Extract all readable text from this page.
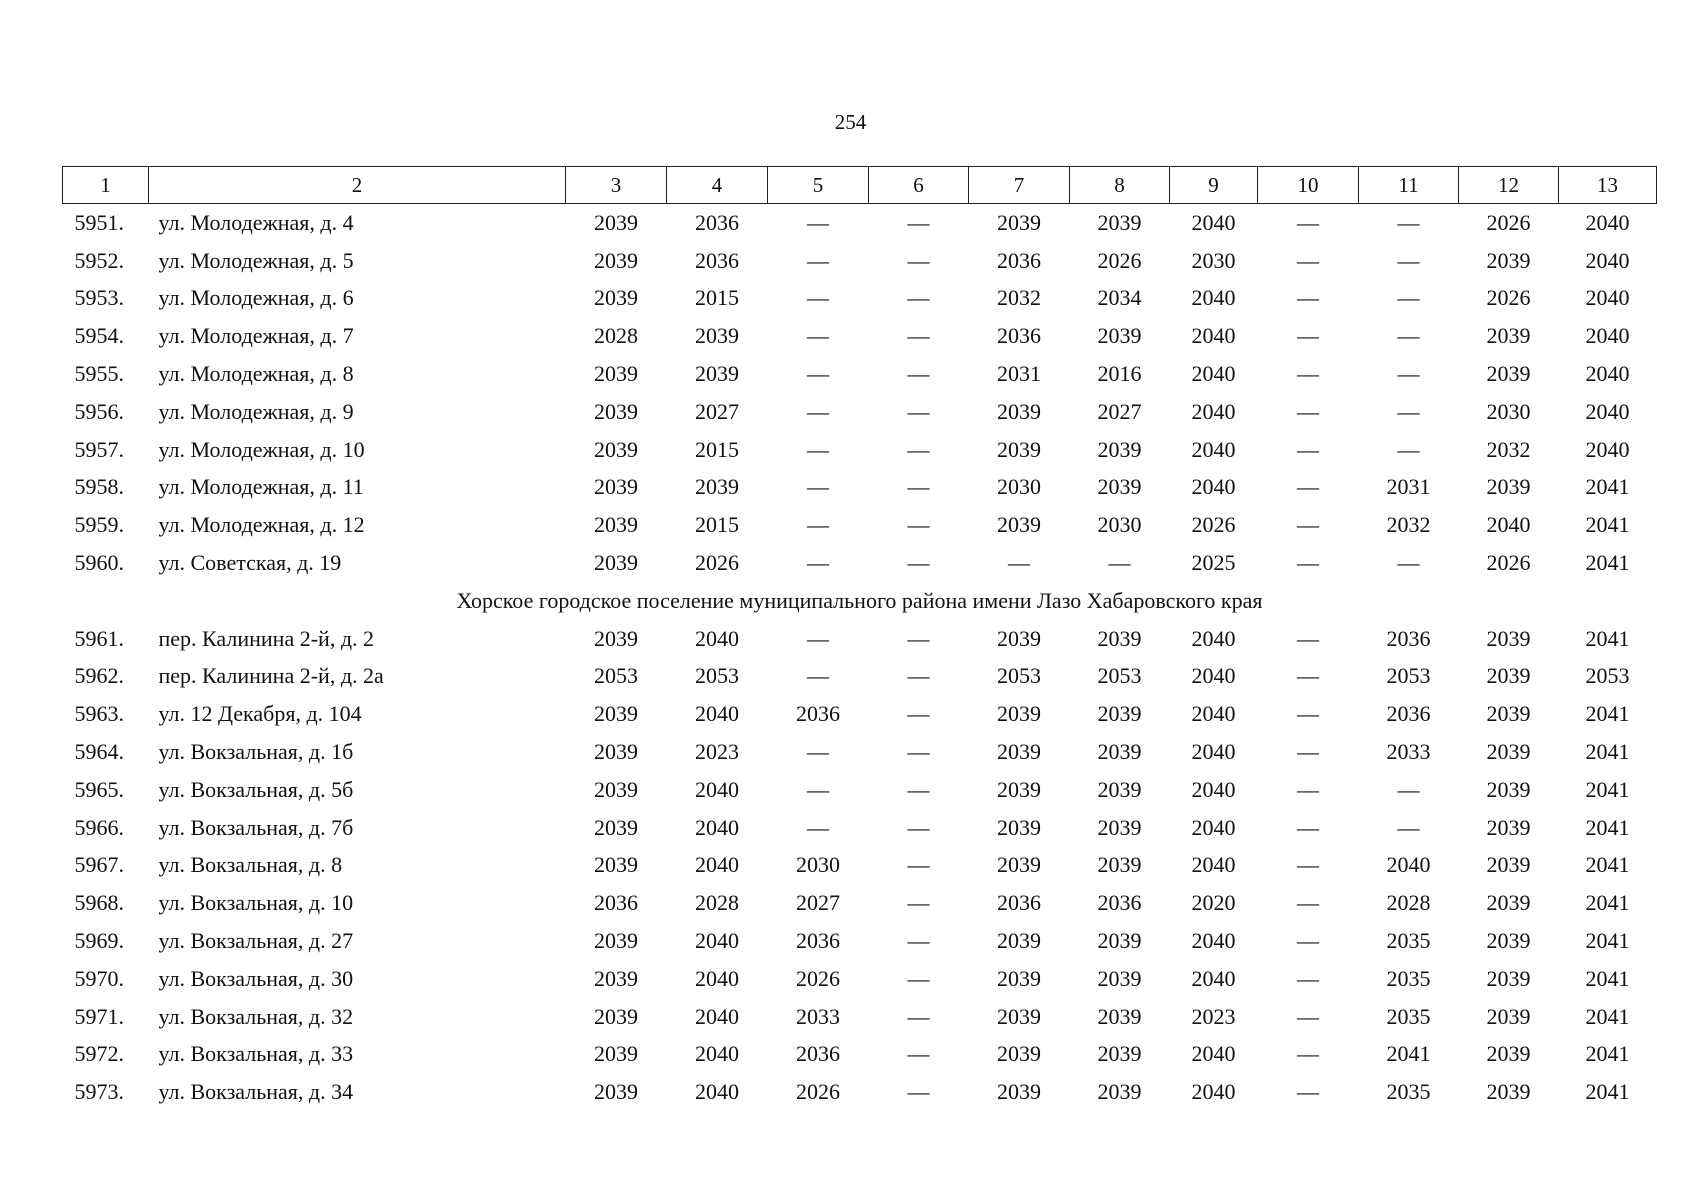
254
1	2	3	4	5	6	7	8	9	10	11	12	13
5951.	ул. Молодежная, д. 4	2039	2036	—	—	2039	2039	2040	—	—	2026	2040
5952.	ул. Молодежная, д. 5	2039	2036	—	—	2036	2026	2030	—	—	2039	2040
5953.	ул. Молодежная, д. 6	2039	2015	—	—	2032	2034	2040	—	—	2026	2040
5954.	ул. Молодежная, д. 7	2028	2039	—	—	2036	2039	2040	—	—	2039	2040
5955.	ул. Молодежная, д. 8	2039	2039	—	—	2031	2016	2040	—	—	2039	2040
5956.	ул. Молодежная, д. 9	2039	2027	—	—	2039	2027	2040	—	—	2030	2040
5957.	ул. Молодежная, д. 10	2039	2015	—	—	2039	2039	2040	—	—	2032	2040
5958.	ул. Молодежная, д. 11	2039	2039	—	—	2030	2039	2040	—	2031	2039	2041
5959.	ул. Молодежная, д. 12	2039	2015	—	—	2039	2030	2026	—	2032	2040	2041
5960.	ул. Советская, д. 19	2039	2026	—	—	—	—	2025	—	—	2026	2041
Хорское городское поселение муниципального района имени Лазо Хабаровского края												
5961.	пер. Калинина 2-й, д. 2	2039	2040	—	—	2039	2039	2040	—	2036	2039	2041
5962.	пер. Калинина 2-й, д. 2а	2053	2053	—	—	2053	2053	2040	—	2053	2039	2053
5963.	ул. 12 Декабря, д. 104	2039	2040	2036	—	2039	2039	2040	—	2036	2039	2041
5964.	ул. Вокзальная, д. 1б	2039	2023	—	—	2039	2039	2040	—	2033	2039	2041
5965.	ул. Вокзальная, д. 5б	2039	2040	—	—	2039	2039	2040	—	—	2039	2041
5966.	ул. Вокзальная, д. 7б	2039	2040	—	—	2039	2039	2040	—	—	2039	2041
5967.	ул. Вокзальная, д. 8	2039	2040	2030	—	2039	2039	2040	—	2040	2039	2041
5968.	ул. Вокзальная, д. 10	2036	2028	2027	—	2036	2036	2020	—	2028	2039	2041
5969.	ул. Вокзальная, д. 27	2039	2040	2036	—	2039	2039	2040	—	2035	2039	2041
5970.	ул. Вокзальная, д. 30	2039	2040	2026	—	2039	2039	2040	—	2035	2039	2041
5971.	ул. Вокзальная, д. 32	2039	2040	2033	—	2039	2039	2023	—	2035	2039	2041
5972.	ул. Вокзальная, д. 33	2039	2040	2036	—	2039	2039	2040	—	2041	2039	2041
5973.	ул. Вокзальная, д. 34	2039	2040	2026	—	2039	2039	2040	—	2035	2039	2041
